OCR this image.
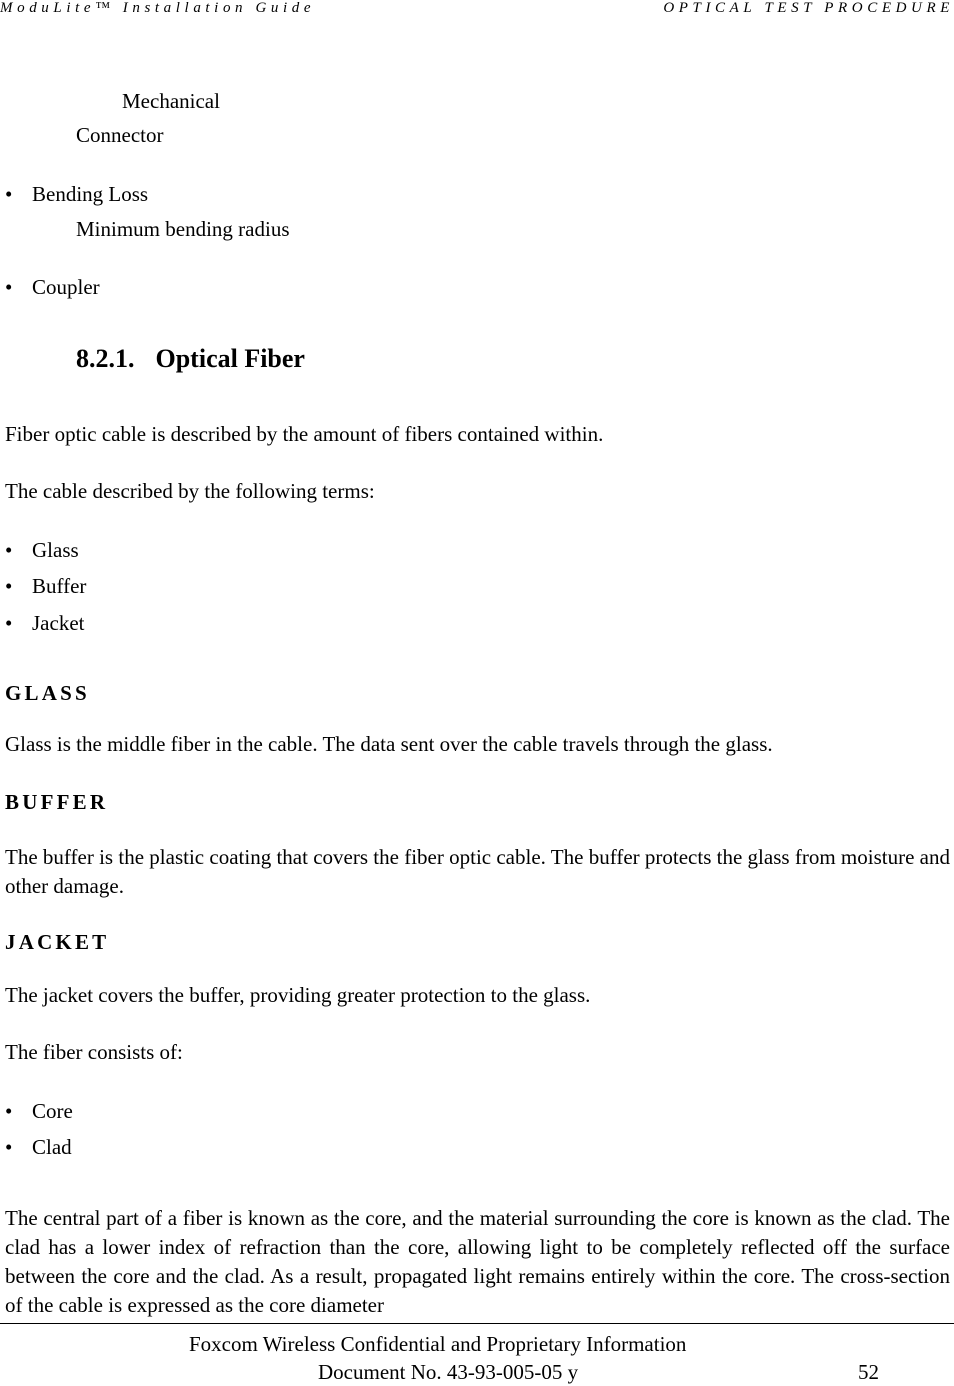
ModuLite™ Installation Guide	OPTICAL TEST PROCEDURE
Mechanical
Connector
• Bending Loss
Minimum bending radius
• Coupler
8.2.1. Optical Fiber
Fiber optic cable is described by the amount of fibers contained within.
The cable described by the following terms:
• Glass
• Buffer
• Jacket
GLASS
Glass is the middle fiber in the cable. The data sent over the cable travels through the glass.
BUFFER
The buffer is the plastic coating that covers the fiber optic cable. The buffer protects the glass from moisture and other damage.
JACKET
The jacket covers the buffer, providing greater protection to the glass.
The fiber consists of:
• Core
• Clad
The central part of a fiber is known as the core, and the material surrounding the core is known as the clad. The clad has a lower index of refraction than the core, allowing light to be completely reflected off the surface between the core and the clad. As a result, propagated light remains entirely within the core. The cross-section of the cable is expressed as the core diameter
Foxcom Wireless Confidential and Proprietary Information
Document No. 43-93-005-05 y	52
